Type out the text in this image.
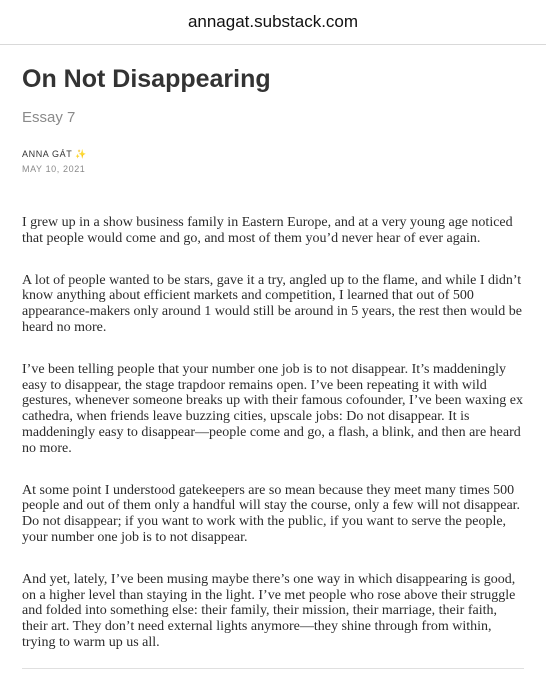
annagat.substack.com
On Not Disappearing
Essay 7
ANNA GÁT ✨
MAY 10, 2021

I grew up in a show business family in Eastern Europe, and at a very young age noticed that people would come and go, and most of them you’d never hear of ever again.

A lot of people wanted to be stars, gave it a try, angled up to the flame, and while I didn’t know anything about efficient markets and competition, I learned that out of 500 appearance-makers only around 1 would still be around in 5 years, the rest then would be heard no more.

I’ve been telling people that your number one job is to not disappear. It’s maddeningly easy to disappear, the stage trapdoor remains open. I’ve been repeating it with wild gestures, whenever someone breaks up with their famous cofounder, I’ve been waxing ex cathedra, when friends leave buzzing cities, upscale jobs: Do not disappear. It is maddeningly easy to disappear—people come and go, a flash, a blink, and then are heard no more.

At some point I understood gatekeepers are so mean because they meet many times 500 people and out of them only a handful will stay the course, only a few will not disappear. Do not disappear; if you want to work with the public, if you want to serve the people, your number one job is to not disappear.

And yet, lately, I’ve been musing maybe there’s one way in which disappearing is good, on a higher level than staying in the light. I’ve met people who rose above their struggle and folded into something else: their family, their mission, their marriage, their faith, their art. They don’t need external lights anymore—they shine through from within, trying to warm up us all.
